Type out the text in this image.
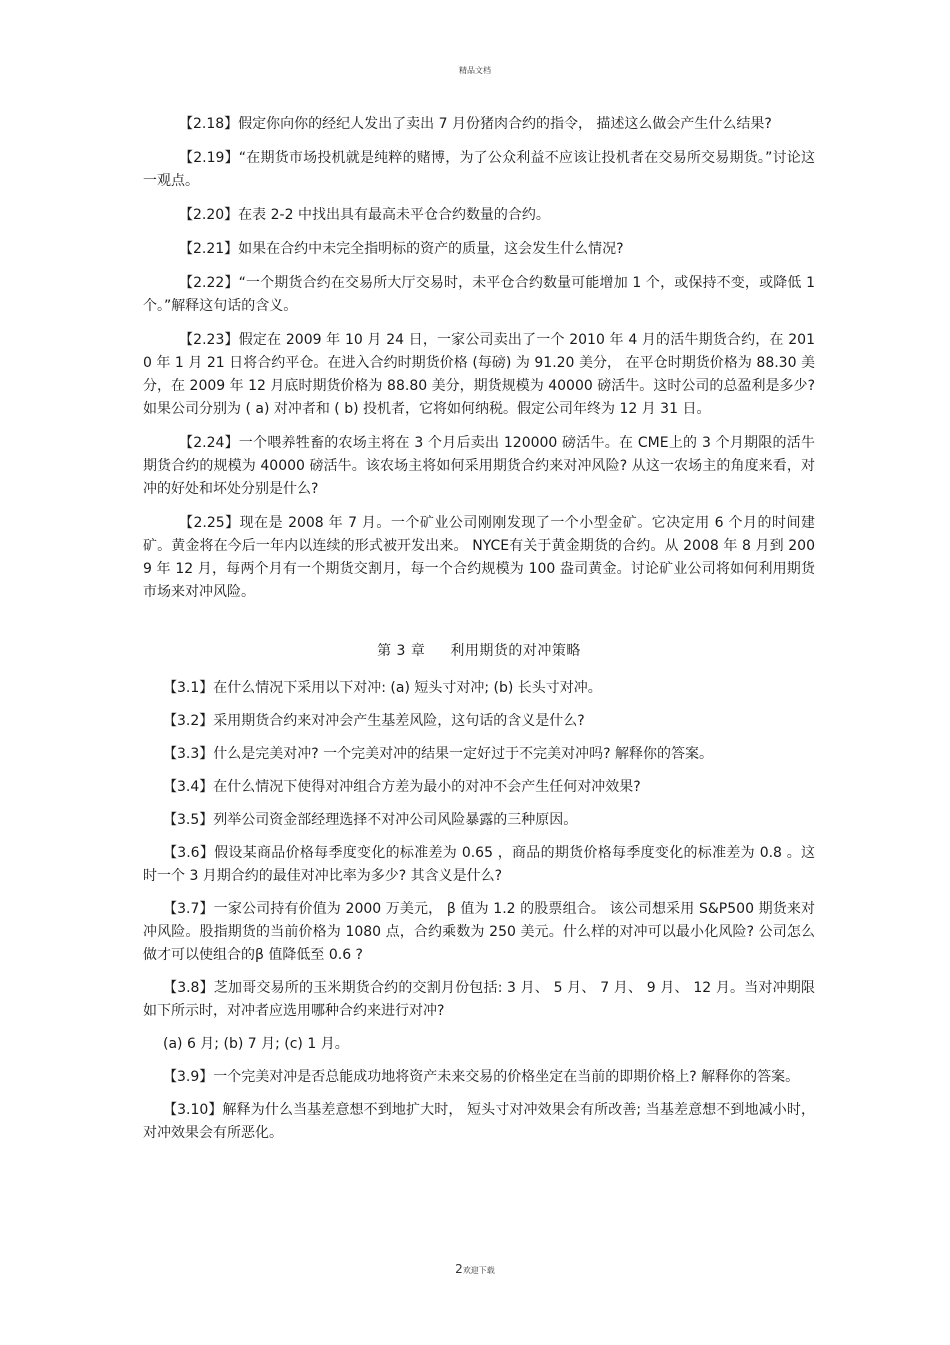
精品文档

【2.18】假定你向你的经纪人发出了卖出 7 月份猪肉合约的指令， 描述这么做会产生什么结果?

【2.19】“在期货市场投机就是纯粹的赌博，为了公众利益不应该让投机者在交易所交易期货。”讨论这一观点。

【2.20】在表 2-2 中找出具有最高未平仓合约数量的合约。

【2.21】如果在合约中未完全指明标的资产的质量，这会发生什么情况?

【2.22】“一个期货合约在交易所大厅交易时，未平仓合约数量可能增加 1 个，或保持不变，或降低 1 个。”解释这句话的含义。

【2.23】假定在 2009 年 10 月 24 日，一家公司卖出了一个 2010 年 4 月的活牛期货合约，在 2010 年 1 月 21 日将合约平仓。在进入合约时期货价格 (每磅) 为 91.20 美分， 在平仓时期货价格为 88.30 美分，在 2009 年 12 月底时期货价格为 88.80 美分，期货规模为 40000 磅活牛。这时公司的总盈利是多少? 如果公司分别为 ( a) 对冲者和 ( b) 投机者，它将如何纳税。假定公司年终为 12 月 31 日。

【2.24】一个喂养牲畜的农场主将在 3 个月后卖出 120000 磅活牛。在 CME上的 3 个月期限的活牛期货合约的规模为 40000 磅活牛。该农场主将如何采用期货合约来对冲风险? 从这一农场主的角度来看，对冲的好处和坏处分别是什么?

【2.25】现在是 2008 年 7 月。一个矿业公司刚刚发现了一个小型金矿。它决定用 6 个月的时间建矿。黄金将在今后一年内以连续的形式被开发出来。 NYCE有关于黄金期货的合约。从 2008 年 8 月到 2009 年 12 月，每两个月有一个期货交割月，每一个合约规模为 100 盎司黄金。讨论矿业公司将如何利用期货市场来对冲风险。

第 3 章 利用期货的对冲策略

【3.1】在什么情况下采用以下对冲: (a) 短头寸对冲; (b) 长头寸对冲。

【3.2】采用期货合约来对冲会产生基差风险，这句话的含义是什么?

【3.3】什么是完美对冲? 一个完美对冲的结果一定好过于不完美对冲吗? 解释你的答案。

【3.4】在什么情况下使得对冲组合方差为最小的对冲不会产生任何对冲效果?

【3.5】列举公司资金部经理选择不对冲公司风险暴露的三种原因。

【3.6】假设某商品价格每季度变化的标准差为 0.65 ，商品的期货价格每季度变化的标准差为 0.8 。这时一个 3 月期合约的最佳对冲比率为多少? 其含义是什么?

【3.7】一家公司持有价值为 2000 万美元， β 值为 1.2 的股票组合。 该公司想采用 S&P500 期货来对冲风险。股指期货的当前价格为 1080 点，合约乘数为 250 美元。什么样的对冲可以最小化风险? 公司怎么做才可以使组合的β 值降低至 0.6 ?

【3.8】芝加哥交易所的玉米期货合约的交割月份包括: 3 月、 5 月、 7 月、 9 月、 12 月。当对冲期限如下所示时，对冲者应选用哪种合约来进行对冲?

(a) 6 月; (b) 7 月; (c) 1 月。

【3.9】一个完美对冲是否总能成功地将资产未来交易的价格坐定在当前的即期价格上? 解释你的答案。

【3.10】解释为什么当基差意想不到地扩大时， 短头寸对冲效果会有所改善; 当基差意想不到地减小时，对冲效果会有所恶化。

2欢迎下载
